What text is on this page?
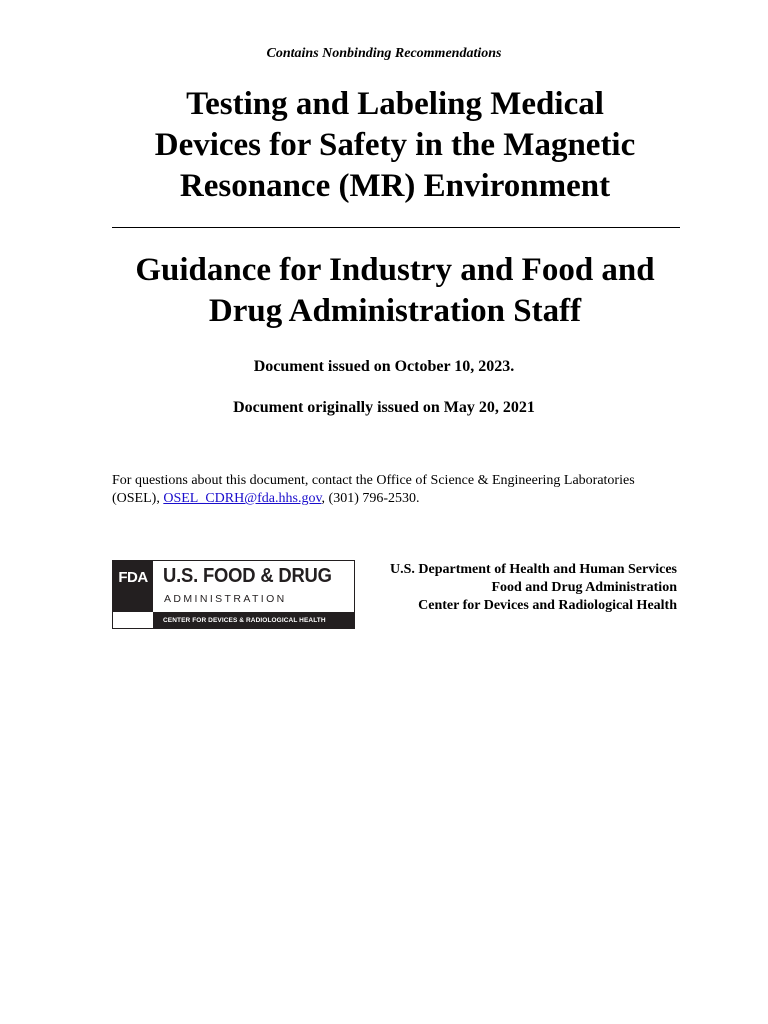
Contains Nonbinding Recommendations
Testing and Labeling Medical
Devices for Safety in the Magnetic
Resonance (MR) Environment
Guidance for Industry and Food and
Drug Administration Staff
Document issued on October 10, 2023.
Document originally issued on May 20, 2021
For questions about this document, contact the Office of Science & Engineering Laboratories (OSEL), OSEL_CDRH@fda.hhs.gov, (301) 796-2530.
FDA U.S. FOOD & DRUG
ADMINISTRATION
CENTER FOR DEVICES & RADIOLOGICAL HEALTH
U.S. Department of Health and Human Services
Food and Drug Administration
Center for Devices and Radiological Health
